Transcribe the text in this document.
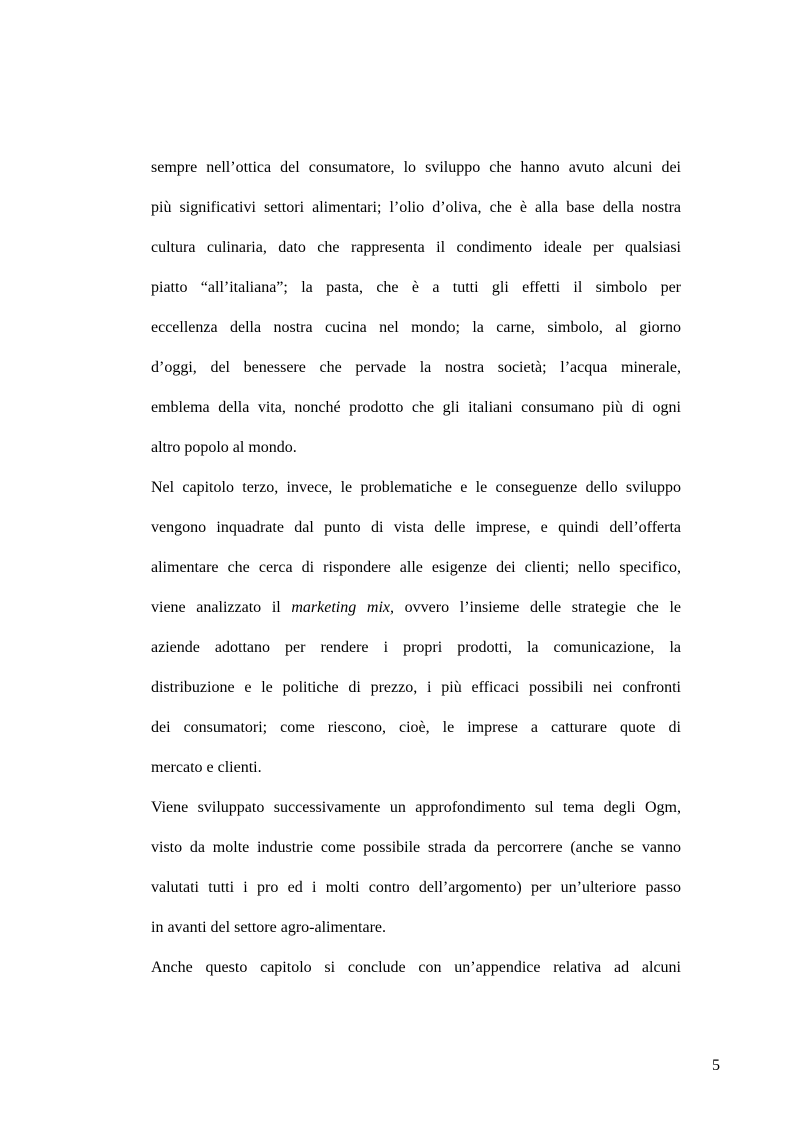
sempre nell’ottica del consumatore, lo sviluppo che hanno avuto alcuni dei
più significativi settori alimentari; l’olio d’oliva, che è alla base della nostra
cultura culinaria, dato che rappresenta il condimento ideale per qualsiasi
piatto “all’italiana”; la pasta, che è a tutti gli effetti il simbolo per
eccellenza della nostra cucina nel mondo; la carne, simbolo, al giorno
d’oggi, del benessere che pervade la nostra società; l’acqua minerale,
emblema della vita, nonché prodotto che gli italiani consumano più di ogni
altro popolo al mondo.
Nel capitolo terzo, invece, le problematiche e le conseguenze dello sviluppo
vengono inquadrate dal punto di vista delle imprese, e quindi dell’offerta
alimentare che cerca di rispondere alle esigenze dei clienti; nello specifico,
viene analizzato il marketing mix, ovvero l’insieme delle strategie che le
aziende adottano per rendere i propri prodotti, la comunicazione, la
distribuzione e le politiche di prezzo, i più efficaci possibili nei confronti
dei consumatori; come riescono, cioè, le imprese a catturare quote di
mercato e clienti.
Viene sviluppato successivamente un approfondimento sul tema degli Ogm,
visto da molte industrie come possibile strada da percorrere (anche se vanno
valutati tutti i pro ed i molti contro dell’argomento) per un’ulteriore passo
in avanti del settore agro-alimentare.
Anche questo capitolo si conclude con un’appendice relativa ad alcuni
5
